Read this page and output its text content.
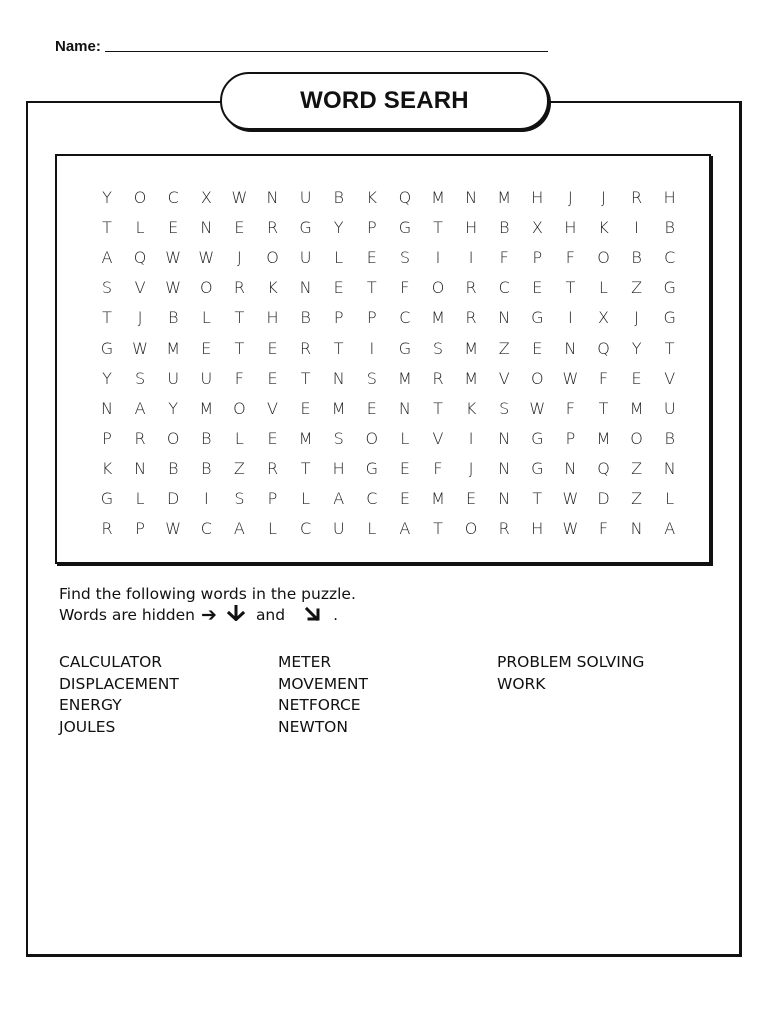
Name:
WORD SEARH
Y	O	C	X	W	N	U	B	K	Q	M	N	M	H	J	J	R	H
T	L	E	N	E	R	G	Y	P	G	T	H	B	X	H	K	I	B
A	Q	W	W	J	O	U	L	E	S	I	I	F	P	F	O	B	C
S	V	W	O	R	K	N	E	T	F	O	R	C	E	T	L	Z	G
T	J	B	L	T	H	B	P	P	C	M	R	N	G	I	X	J	G
G	W	M	E	T	E	R	T	I	G	S	M	Z	E	N	Q	Y	T
Y	S	U	U	F	E	T	N	S	M	R	M	V	O	W	F	E	V
N	A	Y	M	O	V	E	M	E	N	T	K	S	W	F	T	M	U
P	R	O	B	L	E	M	S	O	L	V	I	N	G	P	M	O	B
K	N	B	B	Z	R	T	H	G	E	F	J	N	G	N	Q	Z	N
G	L	D	I	S	P	L	A	C	E	M	E	N	T	W	D	Z	L
R	P	W	C	A	L	C	U	L	A	T	O	R	H	W	F	N	A
Find the following words in the puzzle.
Words are hidden ➔	and	.
CALCULATOR
DISPLACEMENT
ENERGY
JOULES
METER
MOVEMENT
NETFORCE
NEWTON
PROBLEM SOLVING
WORK
